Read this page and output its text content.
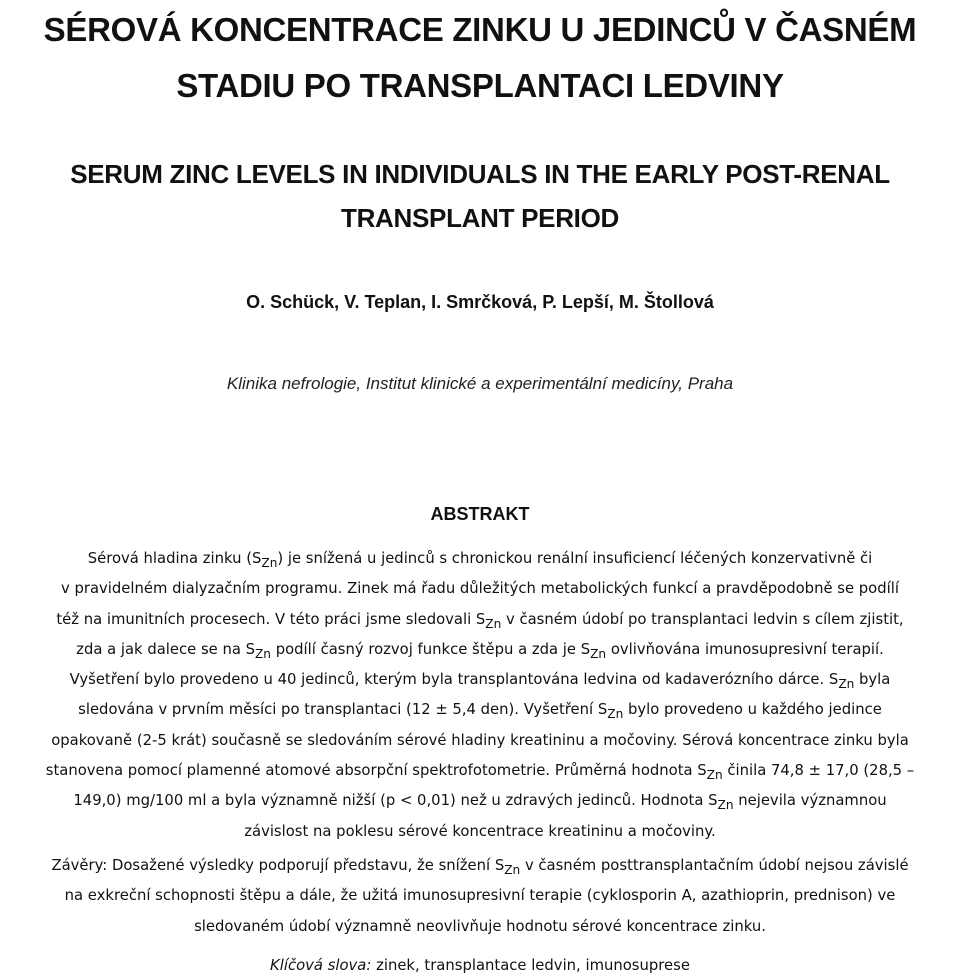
SÉROVÁ KONCENTRACE ZINKU U JEDINCŮ V ČASNÉM
STADIU PO TRANSPLANTACI LEDVINY
SERUM ZINC LEVELS IN INDIVIDUALS IN THE EARLY POST-RENAL
TRANSPLANT PERIOD
O. Schück, V. Teplan, I. Smrčková, P. Lepší, M. Štollová
Klinika nefrologie, Institut klinické a experimentální medicíny, Praha
ABSTRAKT
Sérová hladina zinku $(S_{Zn})$ je snížená u jedinců s chronickou renální insuficiencí léčených konzervativně či
v pravidelném dialyzačním programu. Zinek má řadu důležitých metabolických funkcí a pravděpodobně se podílí
též na imunitních procesech. V této práci jsme sledovali $S_{Zn}$ v časném údobí po transplantaci ledvin s cílem zjistit,
zda a jak dalece se na $S_{Zn}$ podílí časný rozvoj funkce štěpu a zda je $S_{Zn}$ ovlivňována imunosupresivní terapií.
Vyšetření bylo provedeno u 40 jedinců, kterým byla transplantována ledvina od kadaverózního dárce. $S_{Zn}$ byla
sledována v prvním měsíci po transplantaci (12 ± 5,4 den). Vyšetření $S_{Zn}$ bylo provedeno u každého jedince
opakovaně (2-5 krát) současně se sledováním sérové hladiny kreatininu a močoviny. Sérová koncentrace zinku byla
stanovena pomocí plamenné atomové absorpční spektrofotometrie. Průměrná hodnota $S_{Zn}$ činila 74,8 ± 17,0 (28,5 –
149,0) mg/100 ml a byla významně nižší (p < 0,01) než u zdravých jedinců. Hodnota $S_{Zn}$ nejevila významnou
závislost na poklesu sérové koncentrace kreatininu a močoviny.
Závěry: Dosažené výsledky podporují představu, že snížení $S_{Zn}$ v časném posttransplantačním údobí nejsou závislé
na exkreční schopnosti štěpu a dále, že užitá imunosupresivní terapie (cyklosporin A, azathioprin, prednison) ve
sledovaném údobí významně neovlivňuje hodnotu sérové koncentrace zinku.
Klíčová slova: zinek, transplantace ledvin, imunosuprese
